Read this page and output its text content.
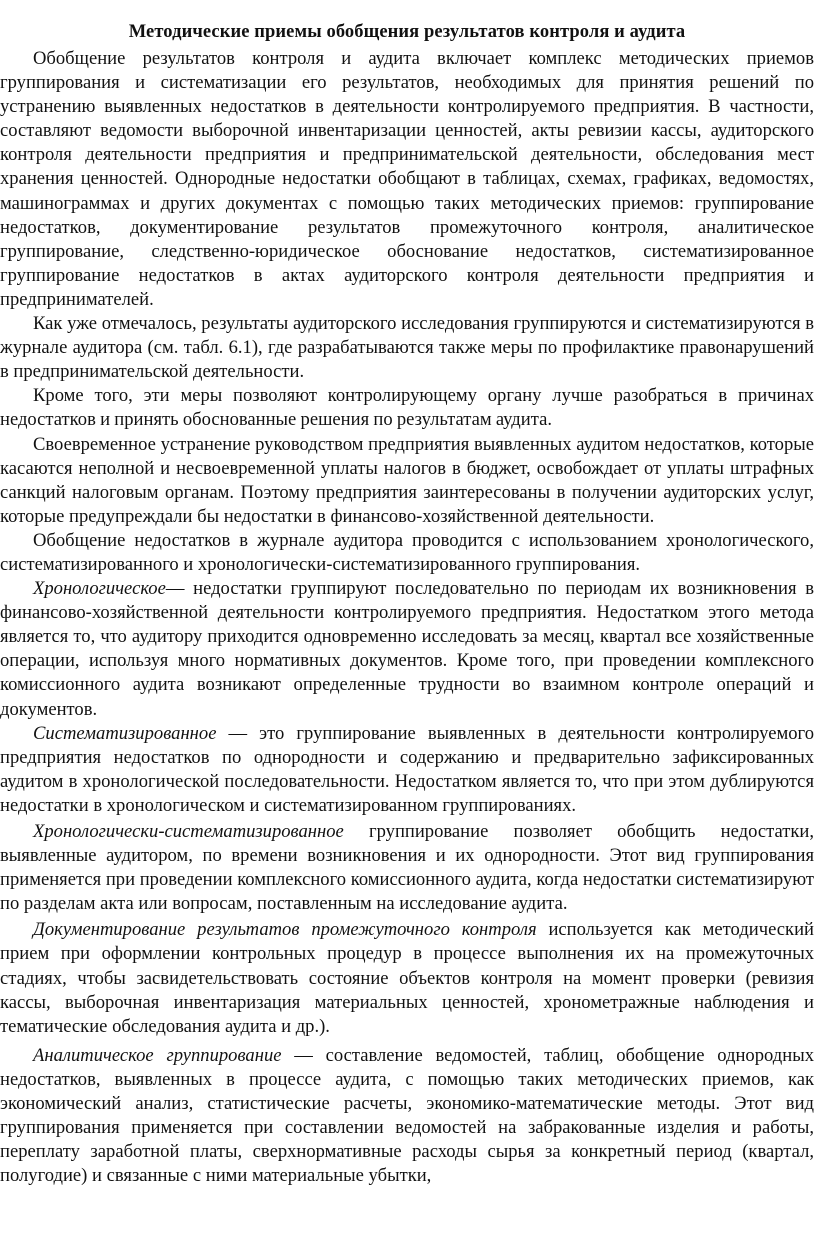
Методические приемы обобщения результатов контроля и аудита

Обобщение результатов контроля и аудита включает комплекс методических приемов группирования и систематизации его результатов, необходимых для принятия решений по устранению выявленных недостатков в деятельности контролируемого предприятия. В частности, составляют ведомости выборочной инвентаризации ценностей, акты ревизии кассы, аудиторского контроля деятельности предприятия и предпринимательской деятельности, обследования мест хранения ценностей. Однородные недостатки обобщают в таблицах, схемах, графиках, ведомостях, машинограммах и других документах с помощью таких методических приемов: группирование недостатков, документирование результатов промежуточного контроля, аналитическое группирование, следственно-юридическое обоснование недостатков, систематизированное группирование недостатков в актах аудиторского контроля деятельности предприятия и предпринимателей.

Как уже отмечалось, результаты аудиторского исследования группируются и систематизируются в журнале аудитора (см. табл. 6.1), где разрабатываются также меры по профилактике правонарушений в предпринимательской деятельности.

Кроме того, эти меры позволяют контролирующему органу лучше разобраться в причинах недостатков и принять обоснованные решения по результатам аудита.

Своевременное устранение руководством предприятия выявленных аудитом недостатков, которые касаются неполной и несвоевременной уплаты налогов в бюджет, освобождает от уплаты штрафных санкций налоговым органам. Поэтому предприятия заинтересованы в получении аудиторских услуг, которые предупреждали бы недостатки в финансово-хозяйственной деятельности.

Обобщение недостатков в журнале аудитора проводится с использованием хронологического, систематизированного и хронологически-систематизированного группирования.

Хронологическое— недостатки группируют последовательно по периодам их возникновения в финансово-хозяйственной деятельности контролируемого предприятия. Недостатком этого метода является то, что аудитору приходится одновременно исследовать за месяц, квартал все хозяйственные операции, используя много нормативных документов. Кроме того, при проведении комплексного комиссионного аудита возникают определенные трудности во взаимном контроле операций и документов.

Систематизированное — это группирование выявленных в деятельности контролируемого предприятия недостатков по однородности и содержанию и предварительно зафиксированных аудитом в хронологической последовательности. Недостатком является то, что при этом дублируются недостатки в хронологическом и систематизированном группированиях.

Хронологически-систематизированное группирование позволяет обобщить недостатки, выявленные аудитором, по времени возникновения и их однородности. Этот вид группирования применяется при проведении комплексного комиссионного аудита, когда недостатки систематизируют по разделам акта или вопросам, поставленным на исследование аудита.

Документирование результатов промежуточного контроля используется как методический прием при оформлении контрольных процедур в процессе выполнения их на промежуточных стадиях, чтобы засвидетельствовать состояние объектов контроля на момент проверки (ревизия кассы, выборочная инвентаризация материальных ценностей, хронометражные наблюдения и тематические обследования аудита и др.).

Аналитическое группирование — составление ведомостей, таблиц, обобщение однородных недостатков, выявленных в процессе аудита, с помощью таких методических приемов, как экономический анализ, статистические расчеты, экономико-математические методы. Этот вид группирования применяется при составлении ведомостей на забракованные изделия и работы, переплату заработной платы, сверхнормативные расходы сырья за конкретный период (квартал, полугодие) и связанные с ними материальные убытки,
